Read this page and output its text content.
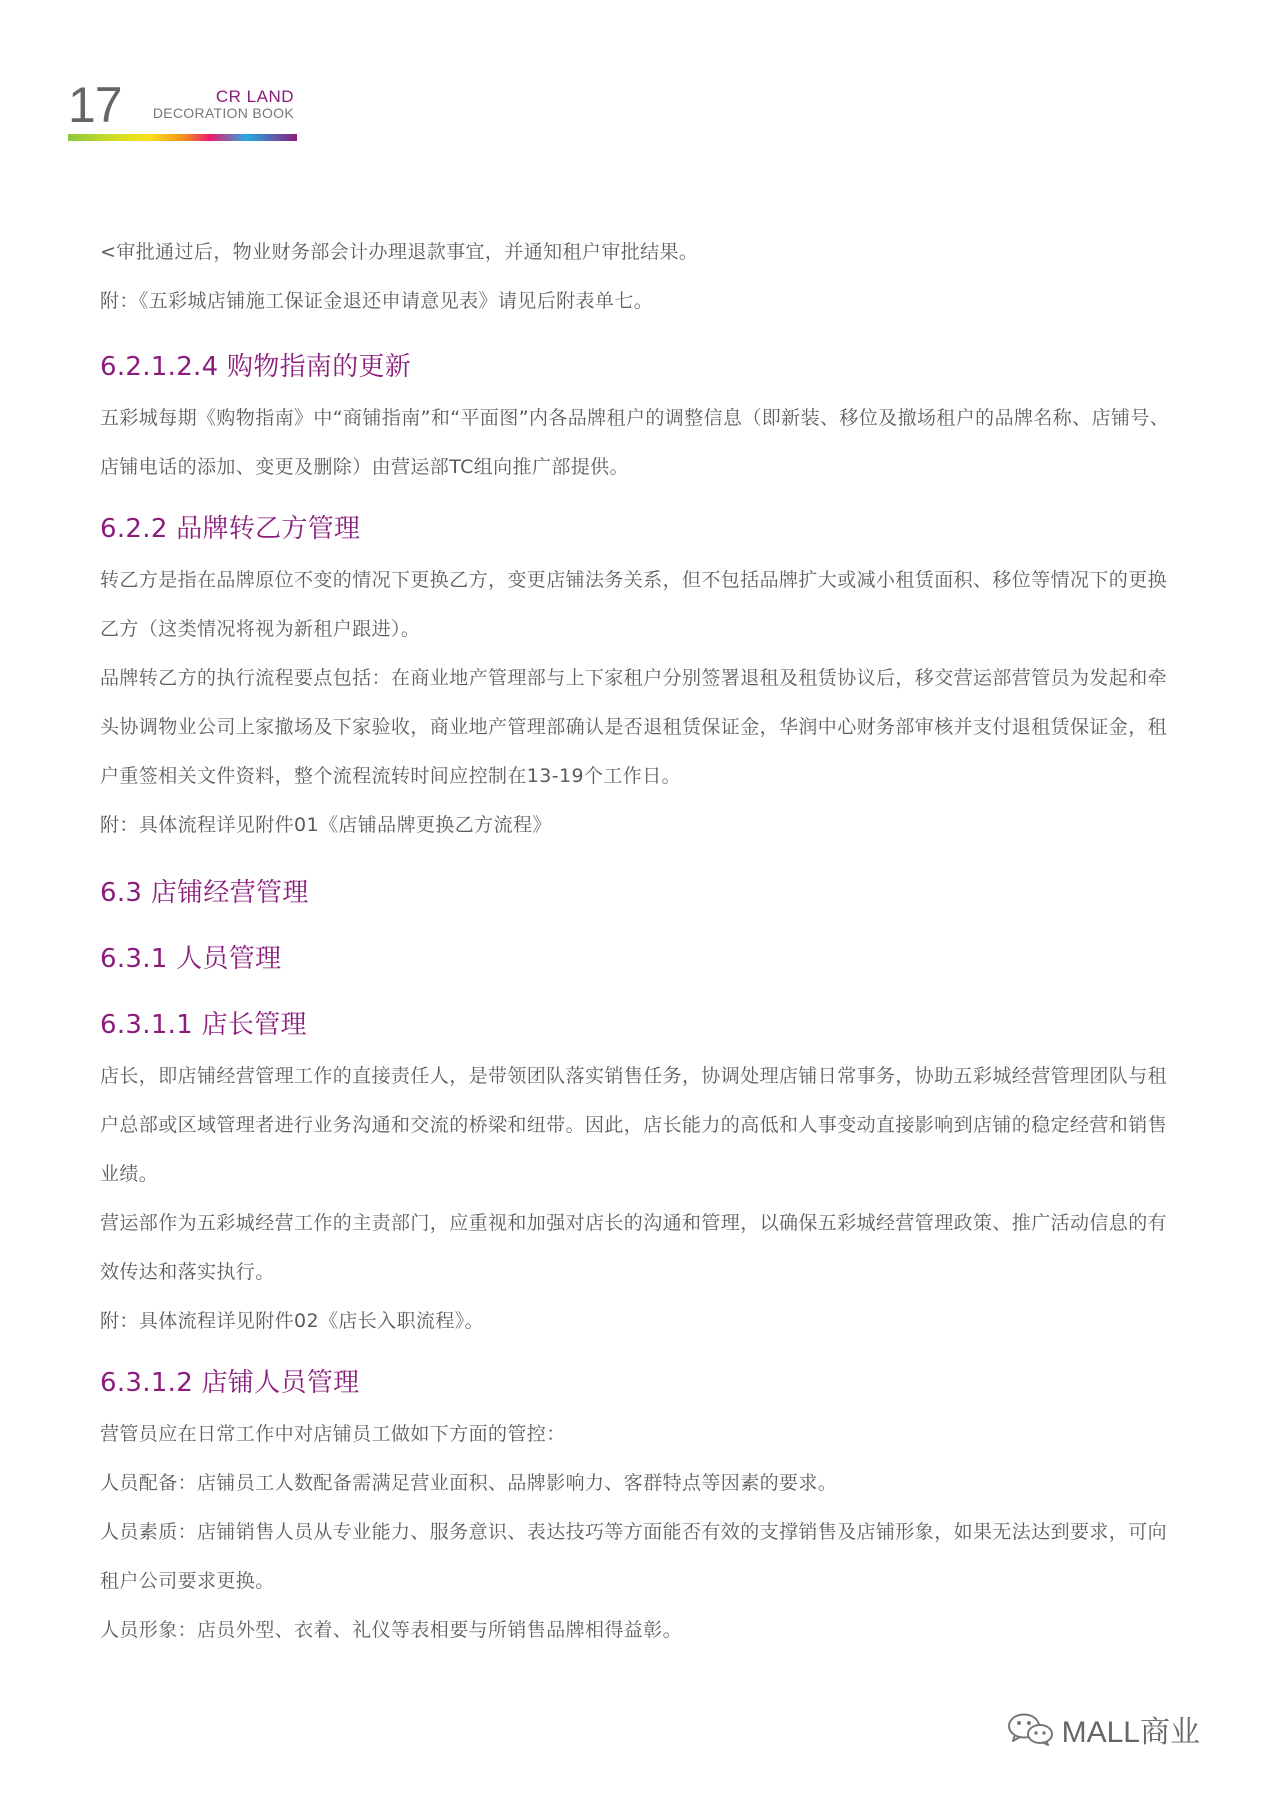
17	CR LAND
DECORATION BOOK

<审批通过后，物业财务部会计办理退款事宜，并通知租户审批结果。

附：《五彩城店铺施工保证金退还申请意见表》请见后附表单七。

6.2.1.2.4 购物指南的更新

五彩城每期《购物指南》中“商铺指南”和“平面图”内各品牌租户的调整信息（即新装、移位及撤场租户的品牌名称、店铺号、店铺电话的添加、变更及删除）由营运部TC组向推广部提供。

6.2.2 品牌转乙方管理

转乙方是指在品牌原位不变的情况下更换乙方，变更店铺法务关系，但不包括品牌扩大或减小租赁面积、移位等情况下的更换乙方（这类情况将视为新租户跟进）。

品牌转乙方的执行流程要点包括：在商业地产管理部与上下家租户分别签署退租及租赁协议后，移交营运部营管员为发起和牵头协调物业公司上家撤场及下家验收，商业地产管理部确认是否退租赁保证金，华润中心财务部审核并支付退租赁保证金，租户重签相关文件资料，整个流程流转时间应控制在13-19个工作日。

附：具体流程详见附件01《店铺品牌更换乙方流程》

6.3 店铺经营管理
6.3.1 人员管理
6.3.1.1 店长管理

店长，即店铺经营管理工作的直接责任人，是带领团队落实销售任务，协调处理店铺日常事务，协助五彩城经营管理团队与租户总部或区域管理者进行业务沟通和交流的桥梁和纽带。因此，店长能力的高低和人事变动直接影响到店铺的稳定经营和销售业绩。

营运部作为五彩城经营工作的主责部门，应重视和加强对店长的沟通和管理，以确保五彩城经营管理政策、推广活动信息的有效传达和落实执行。

附：具体流程详见附件02《店长入职流程》。

6.3.1.2 店铺人员管理

营管员应在日常工作中对店铺员工做如下方面的管控：

人员配备：店铺员工人数配备需满足营业面积、品牌影响力、客群特点等因素的要求。

人员素质：店铺销售人员从专业能力、服务意识、表达技巧等方面能否有效的支撑销售及店铺形象，如果无法达到要求，可向租户公司要求更换。

人员形象：店员外型、衣着、礼仪等表相要与所销售品牌相得益彰。

MALL商业
